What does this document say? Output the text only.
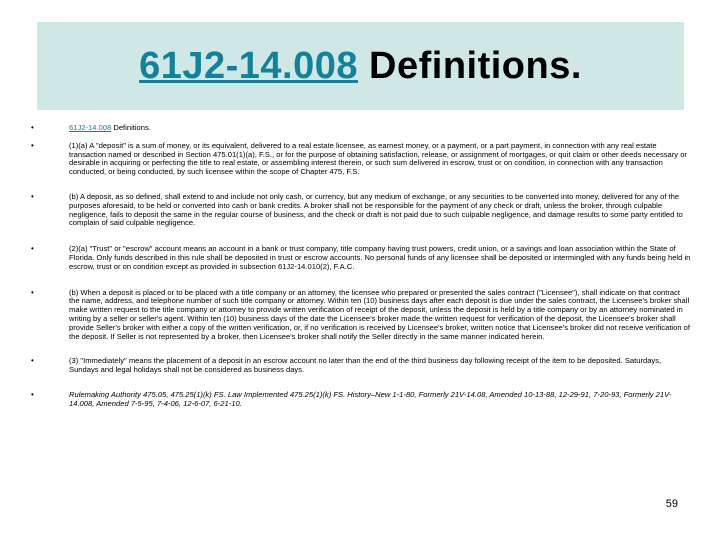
61J2-14.008 Definitions.
•	61J2-14.008 Definitions.
•	(1)(a) A "deposit" is a sum of money, or its equivalent, delivered to a real estate licensee, as earnest money, or a payment, or a part payment, in connection with any real estate transaction named or described in Section 475.01(1)(a), F.S., or for the purpose of obtaining satisfaction, release, or assignment of mortgages, or quit claim or other deeds necessary or desirable in acquiring or perfecting the title to real estate, or assembling interest therein, or such sum delivered in escrow, trust or on condition, in connection with any transaction conducted, or being conducted, by such licensee within the scope of Chapter 475, F.S.
•	(b) A deposit, as so defined, shall extend to and include not only cash, or currency, but any medium of exchange, or any securities to be converted into money, delivered for any of the purposes aforesaid, to be held or converted into cash or bank credits. A broker shall not be responsible for the payment of any check or draft, unless the broker, through culpable negligence, fails to deposit the same in the regular course of business, and the check or draft is not paid due to such culpable negligence, and damage results to some party entitled to complain of said culpable negligence.
•	(2)(a) "Trust" or "escrow" account means an account in a bank or trust company, title company having trust powers, credit union, or a savings and loan association within the State of Florida. Only funds described in this rule shall be deposited in trust or escrow accounts. No personal funds of any licensee shall be deposited or intermingled with any funds being held in escrow, trust or on condition except as provided in subsection 61J2-14.010(2), F.A.C.
•	(b) When a deposit is placed or to be placed with a title company or an attorney, the licensee who prepared or presented the sales contract ("Licensee"), shall indicate on that contract the name, address, and telephone number of such title company or attorney. Within ten (10) business days after each deposit is due under the sales contract, the Licensee's broker shall make written request to the title company or attorney to provide written verification of receipt of the deposit, unless the deposit is held by a title company or by an attorney nominated in writing by a seller or seller's agent. Within ten (10) business days of the date the Licensee's broker made the written request for verification of the deposit, the Licensee's broker shall provide Seller's broker with either a copy of the written verification, or, if no verification is received by Licensee's broker, written notice that Licensee's broker did not receive verification of the deposit. If Seller is not represented by a broker, then Licensee's broker shall notify the Seller directly in the same manner indicated herein.
•	(3) "Immediately" means the placement of a deposit in an escrow account no later than the end of the third business day following receipt of the item to be deposited. Saturdays, Sundays and legal holidays shall not be considered as business days.
•	Rulemaking Authority 475.05, 475.25(1)(k) FS. Law Implemented 475.25(1)(k) FS. History–New 1-1-80, Formerly 21V-14.08, Amended 10-13-88, 12-29-91, 7-20-93, Formerly 21V-14.008, Amended 7-5-95, 7-4-06, 12-6-07, 6-21-10.
59
